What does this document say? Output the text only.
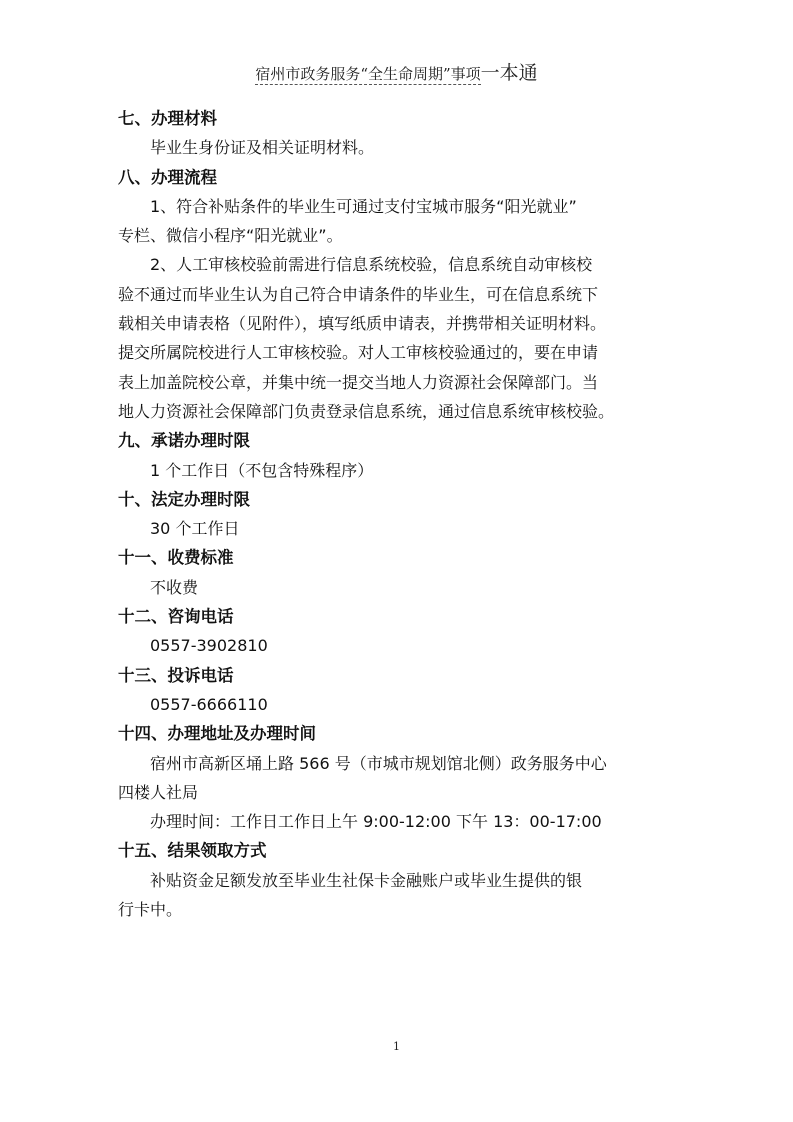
宿州市政务服务“全生命周期”事项一本通
七、办理材料
毕业生身份证及相关证明材料。
八、办理流程
1、符合补贴条件的毕业生可通过支付宝城市服务“阳光就业”
专栏、微信小程序“阳光就业”。
2、人工审核校验前需进行信息系统校验，信息系统自动审核校
验不通过而毕业生认为自己符合申请条件的毕业生，可在信息系统下
载相关申请表格（见附件），填写纸质申请表，并携带相关证明材料。
提交所属院校进行人工审核校验。对人工审核校验通过的，要在申请
表上加盖院校公章，并集中统一提交当地人力资源社会保障部门。当
地人力资源社会保障部门负责登录信息系统，通过信息系统审核校验。
九、承诺办理时限
1 个工作日（不包含特殊程序）
十、法定办理时限
30 个工作日
十一、收费标准
不收费
十二、咨询电话
0557-3902810
十三、投诉电话
0557-6666110
十四、办理地址及办理时间
宿州市高新区埇上路 566 号（市城市规划馆北侧）政务服务中心
四楼人社局
办理时间：工作日工作日上午 9:00-12:00 下午 13：00-17:00
十五、结果领取方式
补贴资金足额发放至毕业生社保卡金融账户或毕业生提供的银
行卡中。
1
